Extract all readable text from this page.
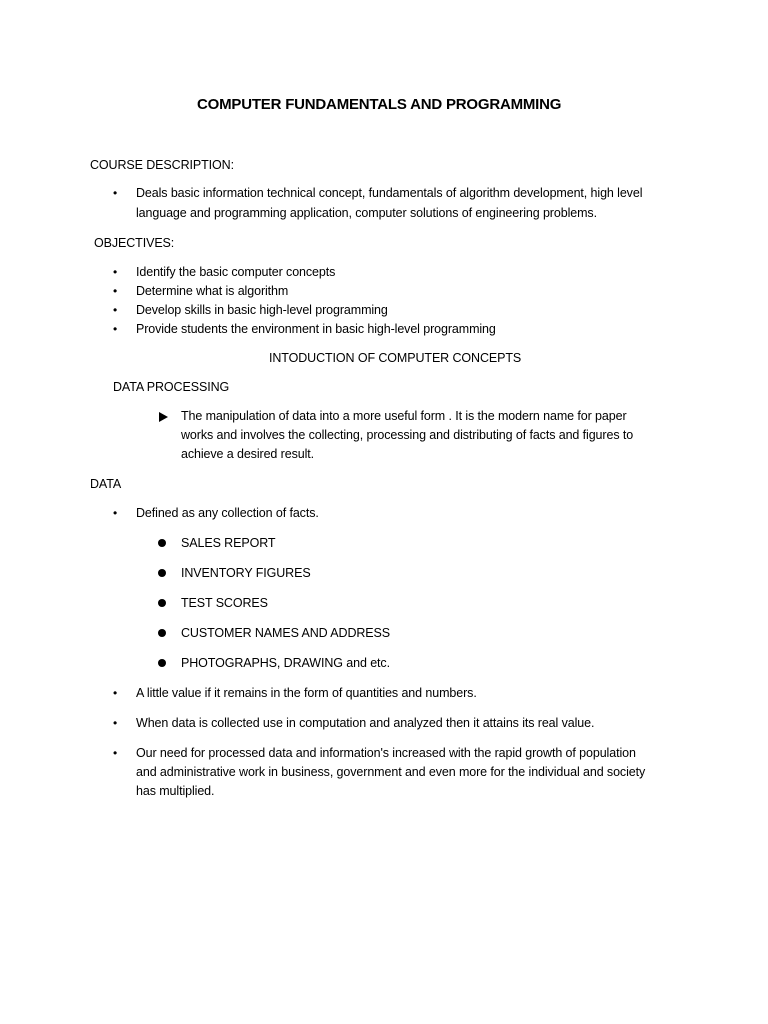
COMPUTER FUNDAMENTALS AND PROGRAMMING
COURSE DESCRIPTION:
• Deals basic information technical concept, fundamentals of algorithm development, high level
language and programming application, computer solutions of engineering problems.
OBJECTIVES:
• Identify the basic computer concepts
• Determine what is algorithm
• Develop skills in basic high-level programming
• Provide students the environment in basic high-level programming
INTODUCTION OF COMPUTER CONCEPTS
DATA PROCESSING
The manipulation of data into a more useful form . It is the modern name for paper
works and involves the collecting, processing and distributing of facts and figures to
achieve a desired result.
DATA
• Defined as any collection of facts.
SALES REPORT
INVENTORY FIGURES
TEST SCORES
CUSTOMER NAMES AND ADDRESS
PHOTOGRAPHS, DRAWING and etc.
• A little value if it remains in the form of quantities and numbers.
• When data is collected use in computation and analyzed then it attains its real value.
• Our need for processed data and information's increased with the rapid growth of population
and administrative work in business, government and even more for the individual and society
has multiplied.
